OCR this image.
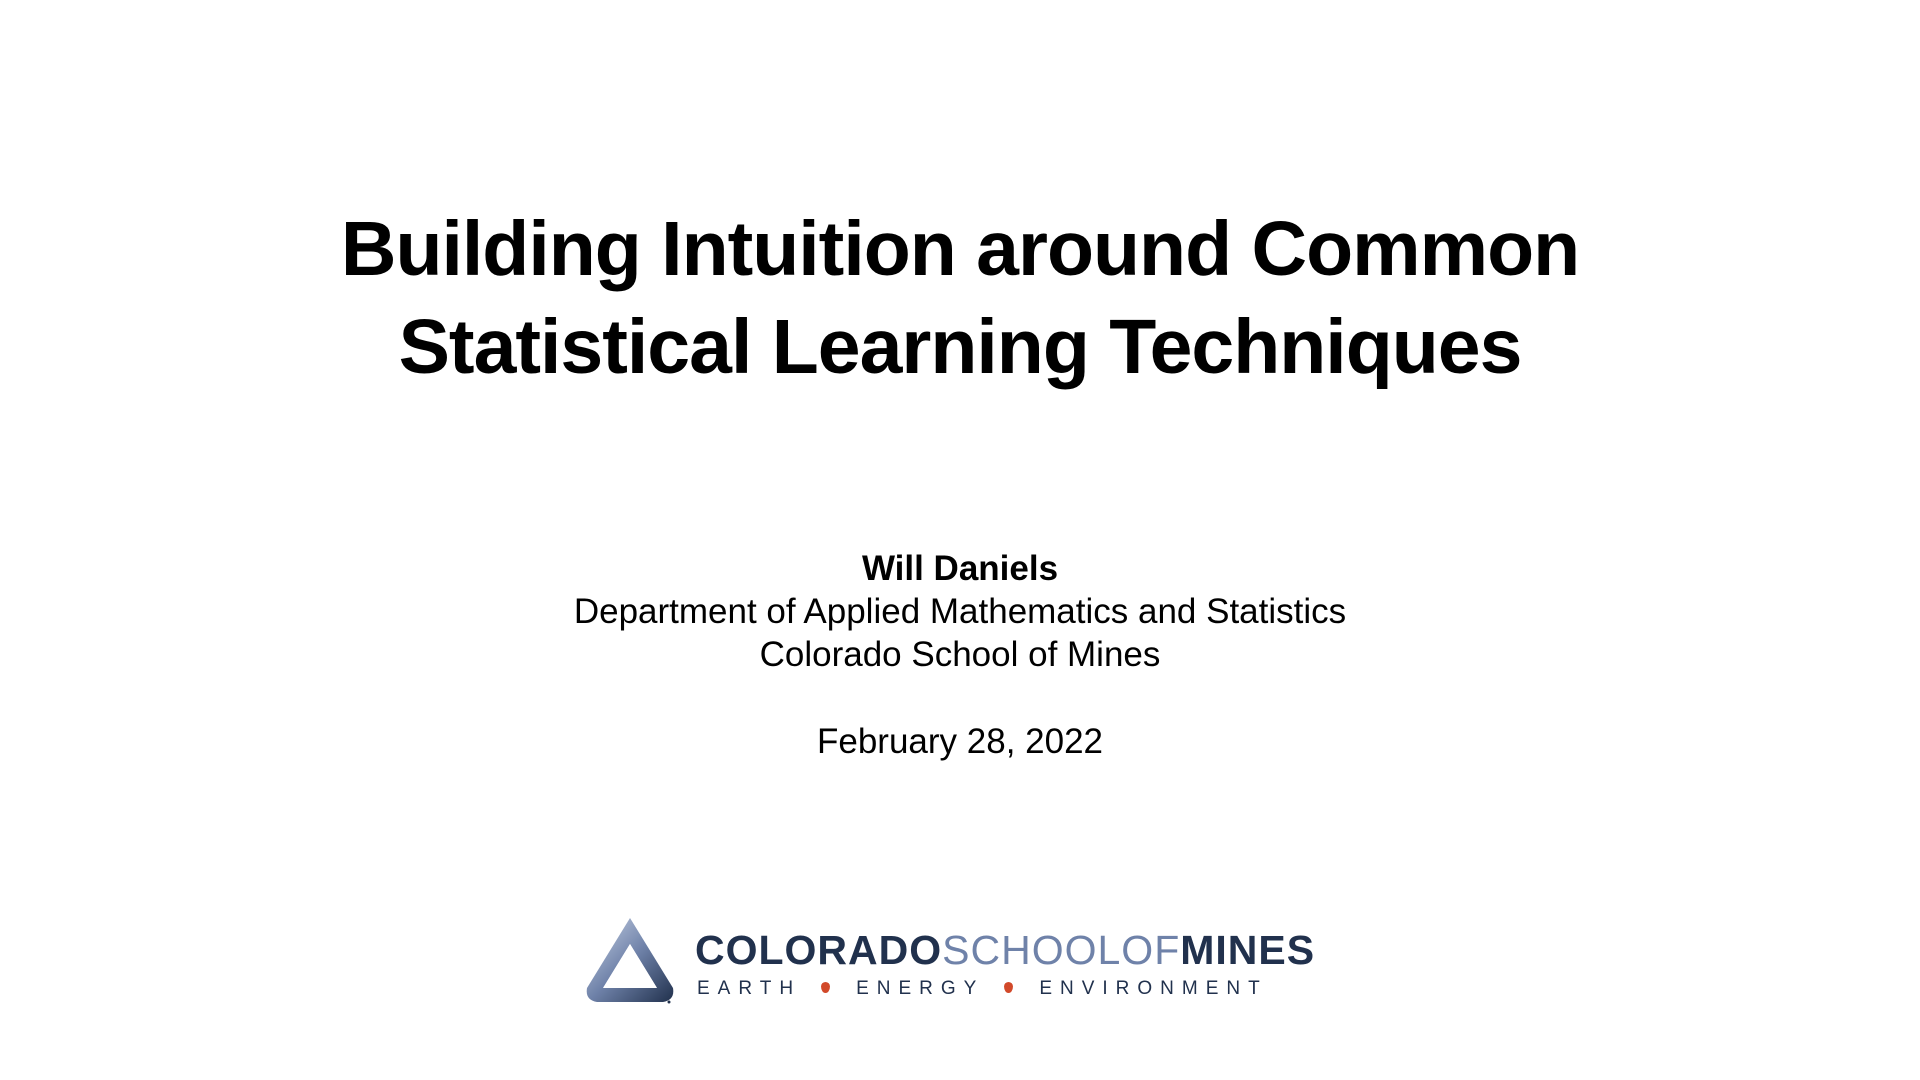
Building Intuition around Common
Statistical Learning Techniques
Will Daniels
Department of Applied Mathematics and Statistics
Colorado School of Mines
February 28, 2022
COLORADOSCHOOLOFMINES
EARTH	ENERGY	ENVIRONMENT
